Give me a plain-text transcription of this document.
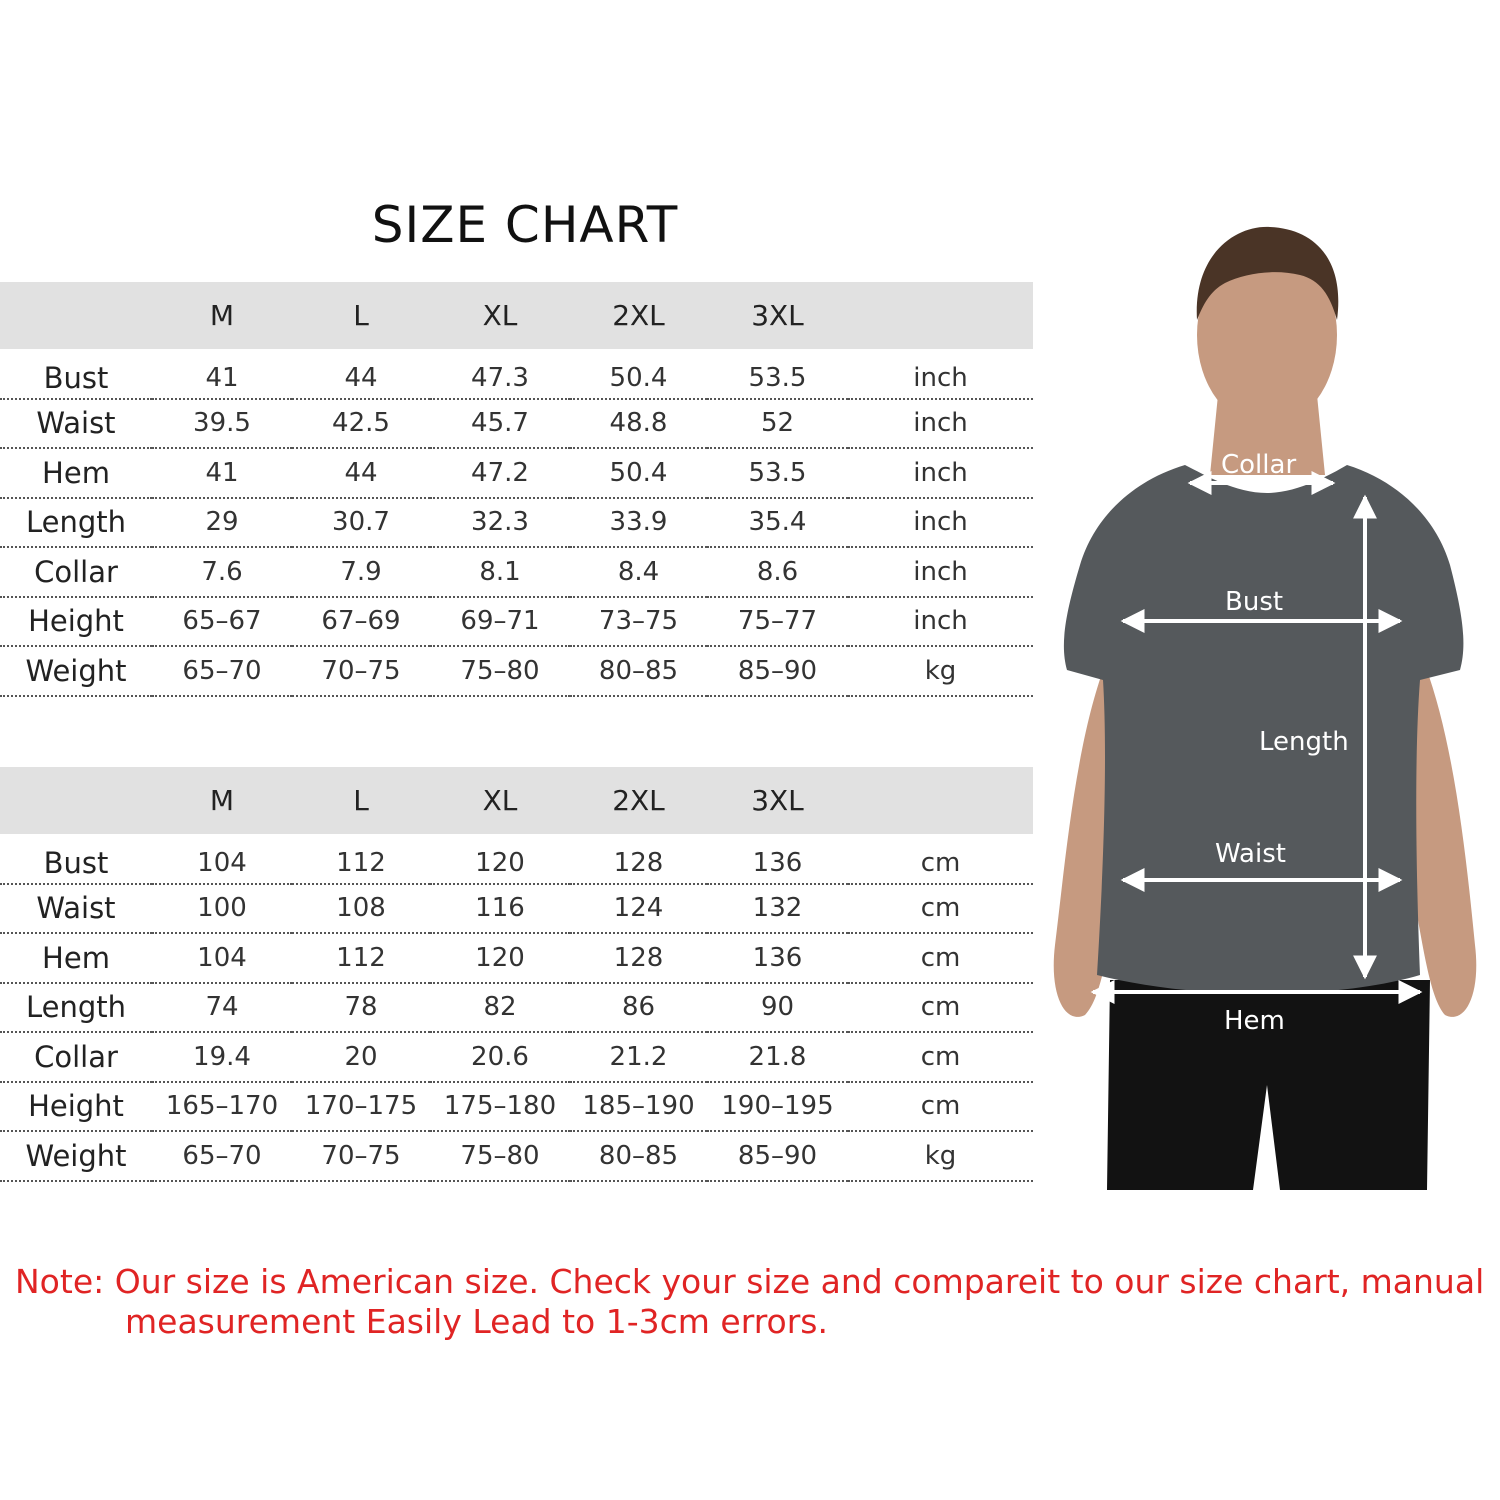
SIZE CHART
	M	L	XL	2XL	3XL	
Bust	41	44	47.3	50.4	53.5	inch
Waist	39.5	42.5	45.7	48.8	52	inch
Hem	41	44	47.2	50.4	53.5	inch
Length	29	30.7	32.3	33.9	35.4	inch
Collar	7.6	7.9	8.1	8.4	8.6	inch
Height	65–67	67–69	69–71	73–75	75–77	inch
Weight	65–70	70–75	75–80	80–85	85–90	kg
	M	L	XL	2XL	3XL	
Bust	104	112	120	128	136	cm
Waist	100	108	116	124	132	cm
Hem	104	112	120	128	136	cm
Length	74	78	82	86	90	cm
Collar	19.4	20	20.6	21.2	21.8	cm
Height	165–170	170–175	175–180	185–190	190–195	cm
Weight	65–70	70–75	75–80	80–85	85–90	kg
Collar
Bust
Length
Waist
Hem
Note: Our size is American size. Check your size and compareit to our size chart, manual
measurement Easily Lead to 1-3cm errors.
